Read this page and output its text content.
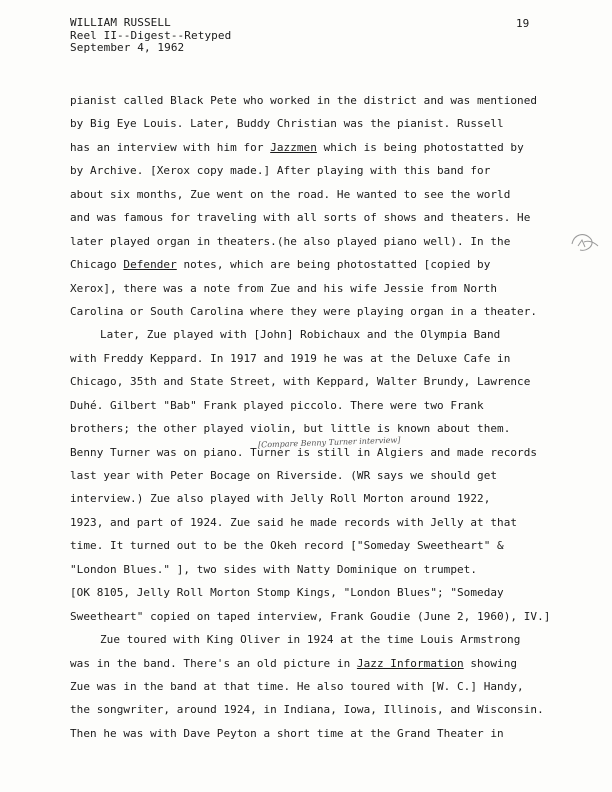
WILLIAM RUSSELL
Reel II--Digest--Retyped
September 4, 1962
19
pianist called Black Pete who worked in the district and was mentioned
by Big Eye Louis. Later, Buddy Christian was the pianist. Russell
has an interview with him for Jazzmen which is being photostatted by
by Archive. [Xerox copy made.] After playing with this band for
about six months, Zue went on the road. He wanted to see the world
and was famous for traveling with all sorts of shows and theaters. He
later played organ in theaters.(he also played piano well). In the
Chicago Defender notes, which are being photostatted [copied by
Xerox], there was a note from Zue and his wife Jessie from North
Carolina or South Carolina where they were playing organ in a theater.
Later, Zue played with [John] Robichaux and the Olympia Band
with Freddy Keppard. In 1917 and 1919 he was at the Deluxe Cafe in
Chicago, 35th and State Street, with Keppard, Walter Brundy, Lawrence
Duhé. Gilbert "Bab" Frank played piccolo. There were two Frank
brothers; the other played violin, but little is known about them.
Benny Turner was on piano. Turner is still in Algiers and made records
last year with Peter Bocage on Riverside. (WR says we should get
interview.) Zue also played with Jelly Roll Morton around 1922,
1923, and part of 1924. Zue said he made records with Jelly at that
time. It turned out to be the Okeh record ["Someday Sweetheart" &
"London Blues." ], two sides with Natty Dominique on trumpet.
[OK 8105, Jelly Roll Morton Stomp Kings, "London Blues"; "Someday
Sweetheart" copied on taped interview, Frank Goudie (June 2, 1960), IV.]
Zue toured with King Oliver in 1924 at the time Louis Armstrong
was in the band. There's an old picture in Jazz Information showing
Zue was in the band at that time. He also toured with [W. C.] Handy,
the songwriter, around 1924, in Indiana, Iowa, Illinois, and Wisconsin.
Then he was with Dave Peyton a short time at the Grand Theater in
[Compare Benny Turner interview]
